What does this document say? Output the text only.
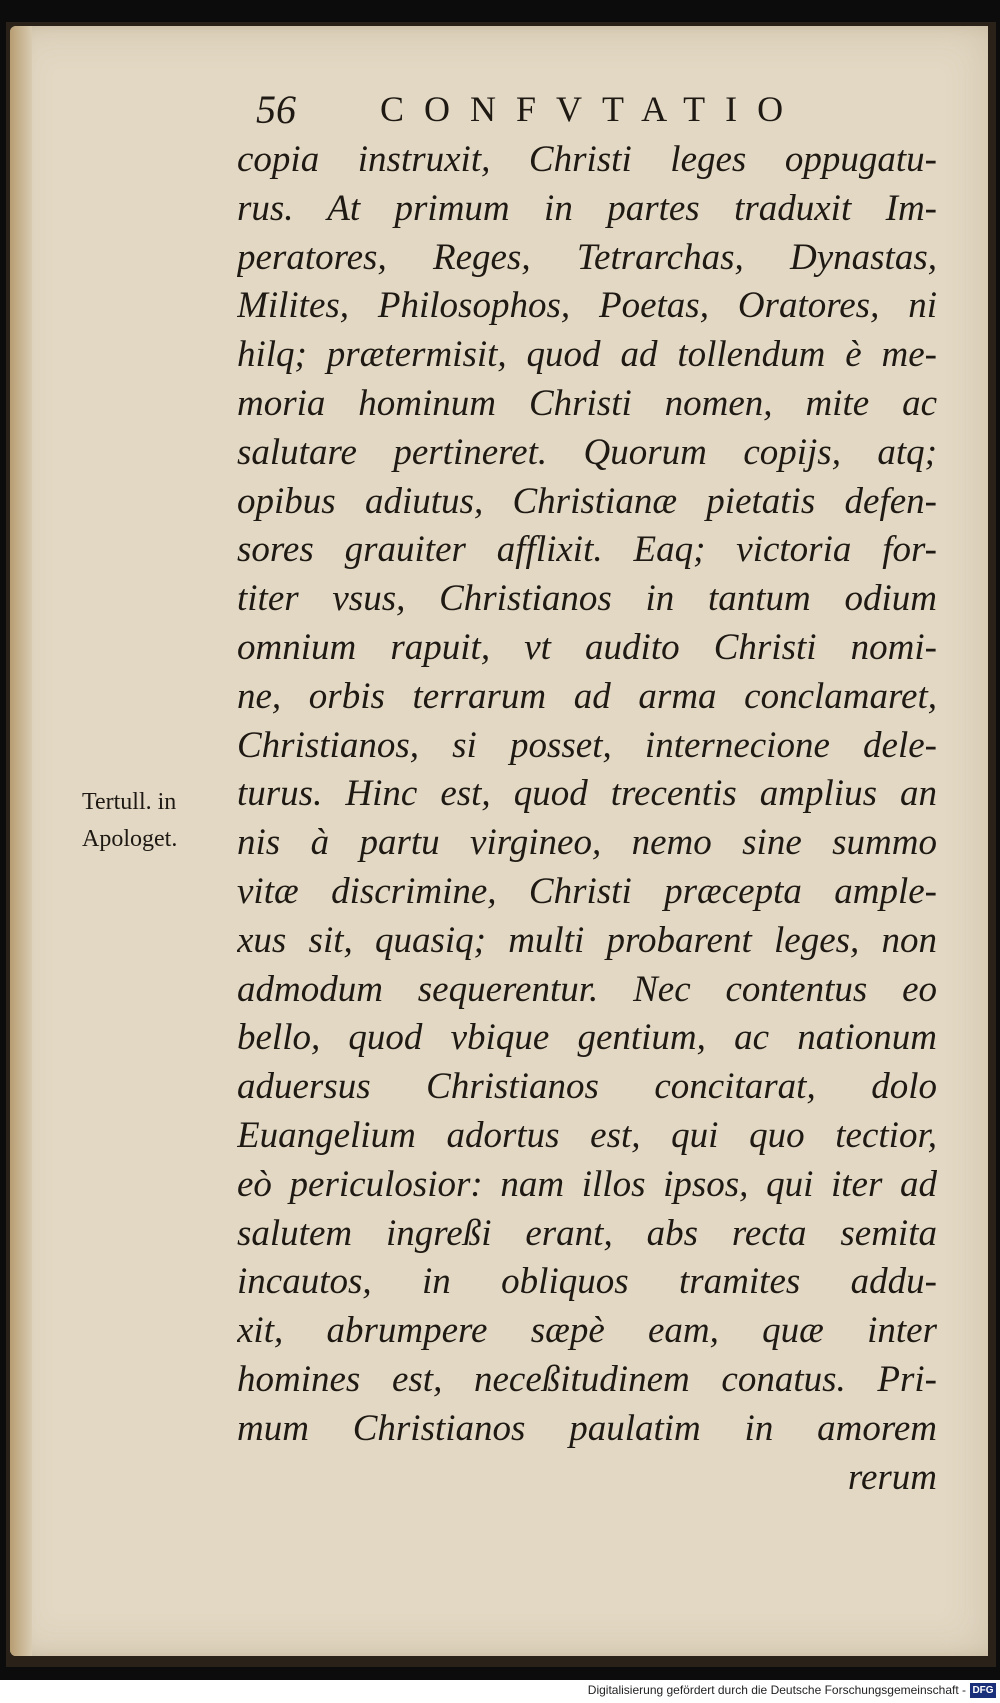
56 CONFVTATIO
Tertull. in
Apologet.
copia instruxit, Christi leges oppugatu-
rus. At primum in partes traduxit Im-
peratores, Reges, Tetrarchas, Dynastas,
Milites, Philosophos, Poetas, Oratores, ni
hilq; prætermisit, quod ad tollendum è me-
moria hominum Christi nomen, mite ac
salutare pertineret. Quorum copijs, atq;
opibus adiutus, Christianæ pietatis defen-
sores grauiter afflixit. Eaq; victoria for-
titer vsus, Christianos in tantum odium
omnium rapuit, vt audito Christi nomi-
ne, orbis terrarum ad arma conclamaret,
Christianos, si posset, internecione dele-
turus. Hinc est, quod trecentis amplius an
nis à partu virgineo, nemo sine summo
vitæ discrimine, Christi præcepta ample-
xus sit, quasiq; multi probarent leges, non
admodum sequerentur. Nec contentus eo
bello, quod vbique gentium, ac nationum
aduersus Christianos concitarat, dolo
Euangelium adortus est, qui quo tectior,
eò periculosior: nam illos ipsos, qui iter ad
salutem ingreßi erant, abs recta semita
incautos, in obliquos tramites addu-
xit, abrumpere sæpè eam, quæ inter
homines est, neceßitudinem conatus. Pri-
mum Christianos paulatim in amorem
rerum
Digitalisierung gefördert durch die Deutsche Forschungsgemeinschaft - DFG
